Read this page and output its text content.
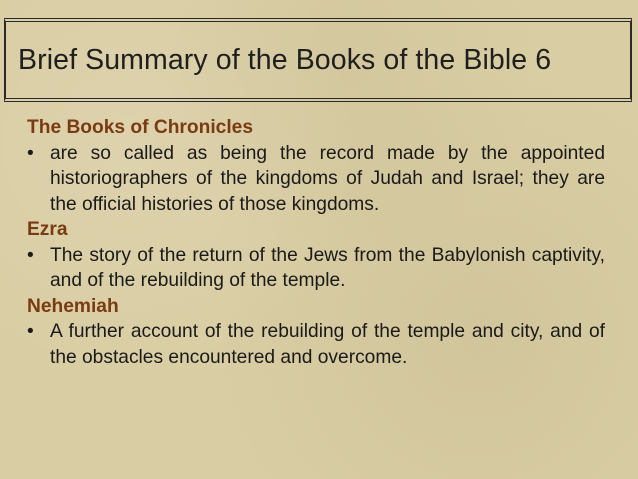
Brief Summary of the Books of the Bible 6

The Books of Chronicles

• are so called as being the record made by the appointed historiographers of the kingdoms of Judah and Israel; they are the official histories of those kingdoms.

Ezra

• The story of the return of the Jews from the Babylonish captivity, and of the rebuilding of the temple.

Nehemiah

• A further account of the rebuilding of the temple and city, and of the obstacles encountered and overcome.
